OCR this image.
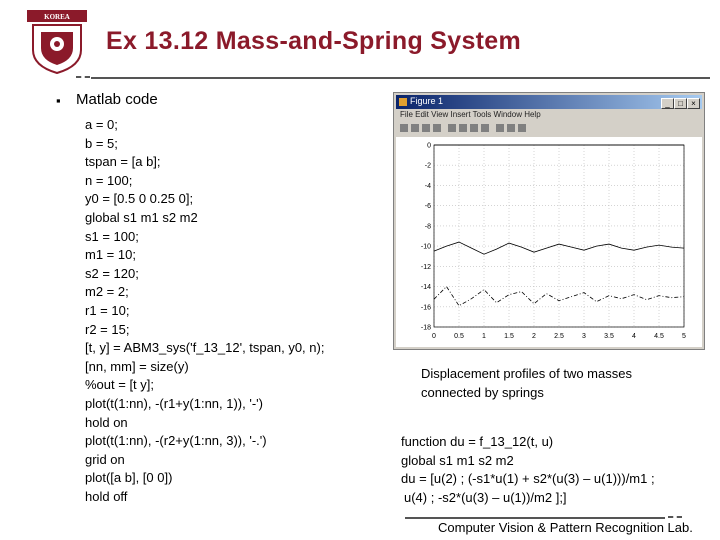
KOREA
Ex 13.12 Mass-and-Spring System
▪ Matlab code
a = 0;
b = 5;
tspan = [a b];
n = 100;
y0 = [0.5 0 0.25 0];
global s1 m1 s2 m2
s1 = 100;
m1 = 10;
s2 = 120;
m2 = 2;
r1 = 10;
r2 = 15;
[t, y] = ABM3_sys('f_13_12', tspan, y0, n);
[nn, mm] = size(y)
%out = [t y];
plot(t(1:nn), -(r1+y(1:nn, 1)), '-')
hold on
plot(t(1:nn), -(r2+y(1:nn, 3)), '-.')
grid on
plot([a b], [0 0])
hold off
Figure 1	_	□	×
File Edit View Insert Tools Window Help
0	0.5	1	1.5	2	2.5	3	3.5	4	4.5	5
0
-2
-4
-6
-8
-10
-12
-14
-16
-18
Displacement profiles of two masses
connected by springs
function du = f_13_12(t, u)
global s1 m1 s2 m2
du = [u(2) ; (-s1*u(1) + s2*(u(3) – u(1)))/m1 ;
u(4) ; -s2*(u(3) – u(1))/m2 ];]
Computer Vision & Pattern Recognition Lab.
